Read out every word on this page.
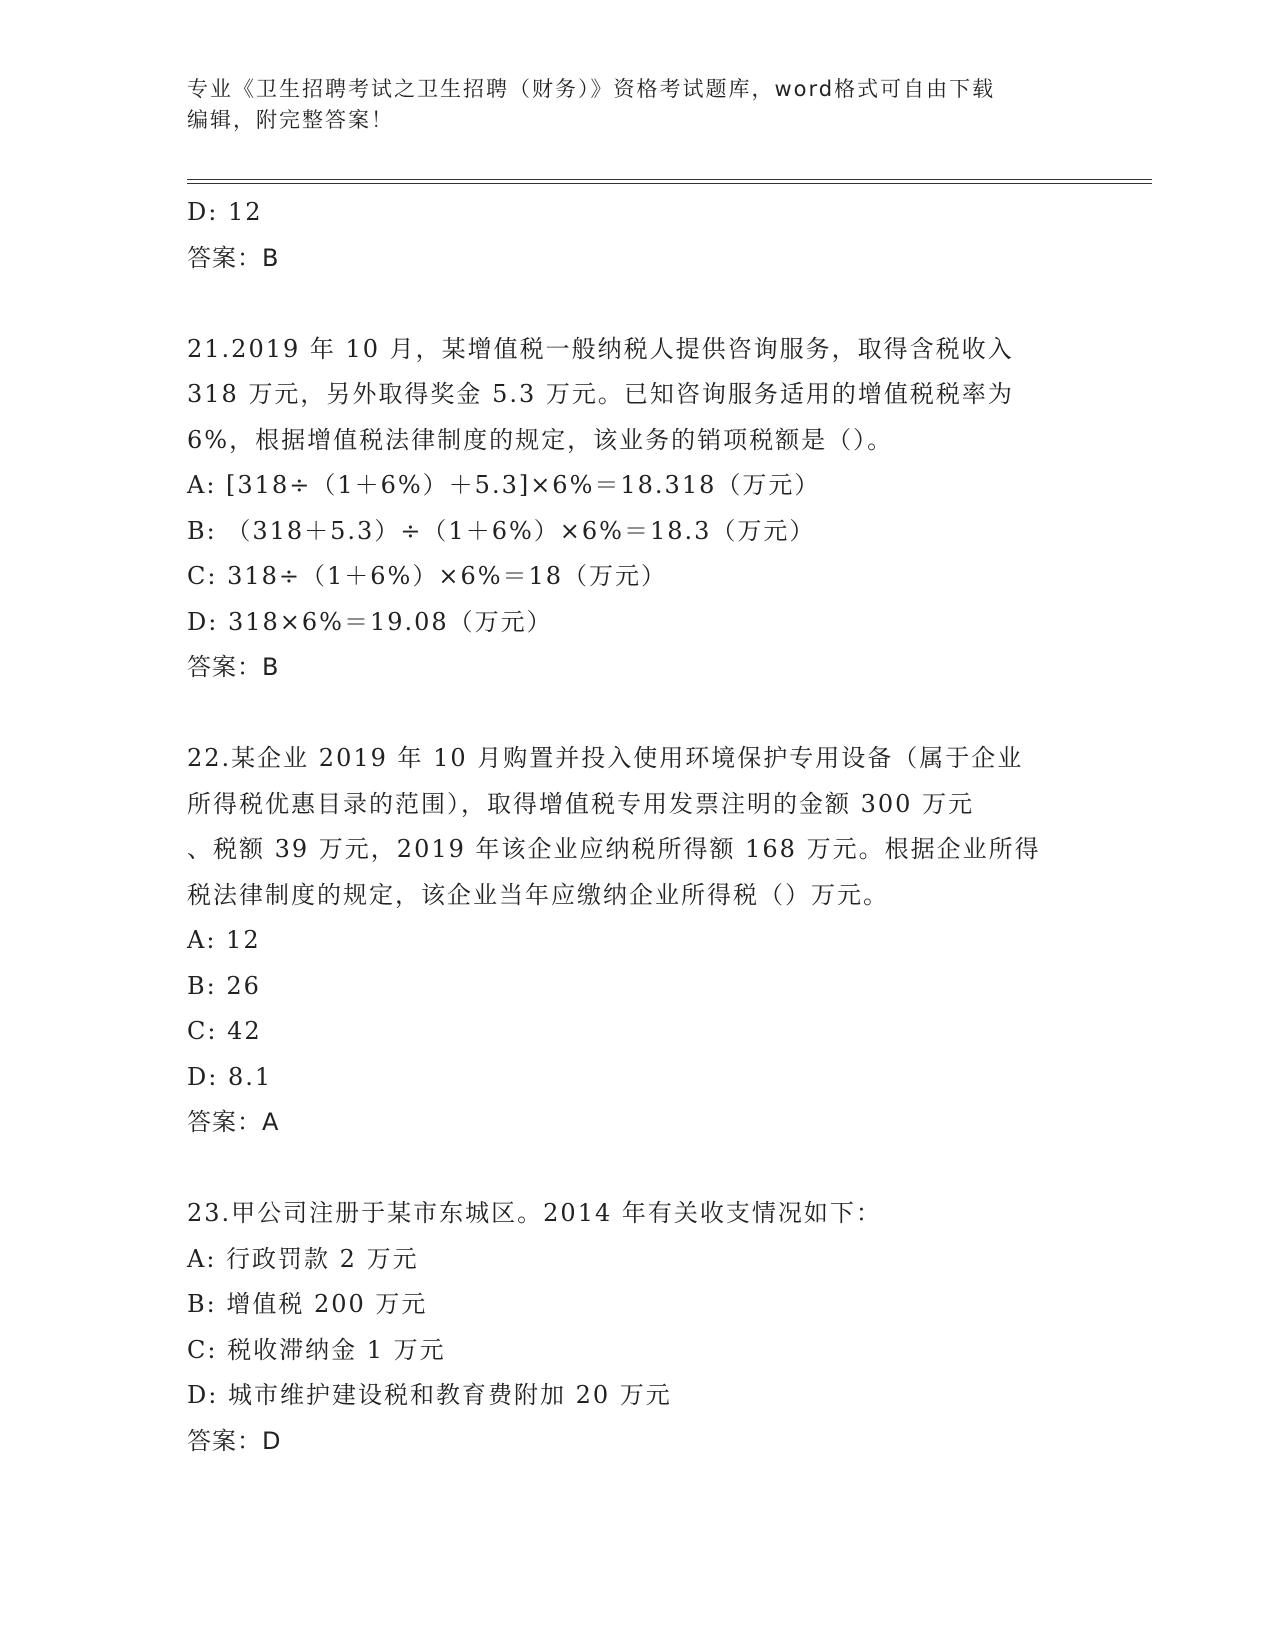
专业《卫生招聘考试之卫生招聘（财务）》资格考试题库，word格式可自由下载
编辑，附完整答案！
D: 12
答案：B
21.2019 年 10 月，某增值税一般纳税人提供咨询服务，取得含税收入
318 万元，另外取得奖金 5.3 万元。已知咨询服务适用的增值税税率为
6%，根据增值税法律制度的规定，该业务的销项税额是（）。
A: [318÷（1＋6%）＋5.3]×6%＝18.318（万元）
B: （318＋5.3）÷（1＋6%）×6%＝18.3（万元）
C: 318÷（1＋6%）×6%＝18（万元）
D: 318×6%＝19.08（万元）
答案：B
22.某企业 2019 年 10 月购置并投入使用环境保护专用设备（属于企业
所得税优惠目录的范围），取得增值税专用发票注明的金额 300 万元
、税额 39 万元，2019 年该企业应纳税所得额 168 万元。根据企业所得
税法律制度的规定，该企业当年应缴纳企业所得税（）万元。
A: 12
B: 26
C: 42
D: 8.1
答案：A
23.甲公司注册于某市东城区。2014 年有关收支情况如下：
A: 行政罚款 2 万元
B: 增值税 200 万元
C: 税收滞纳金 1 万元
D: 城市维护建设税和教育费附加 20 万元
答案：D
